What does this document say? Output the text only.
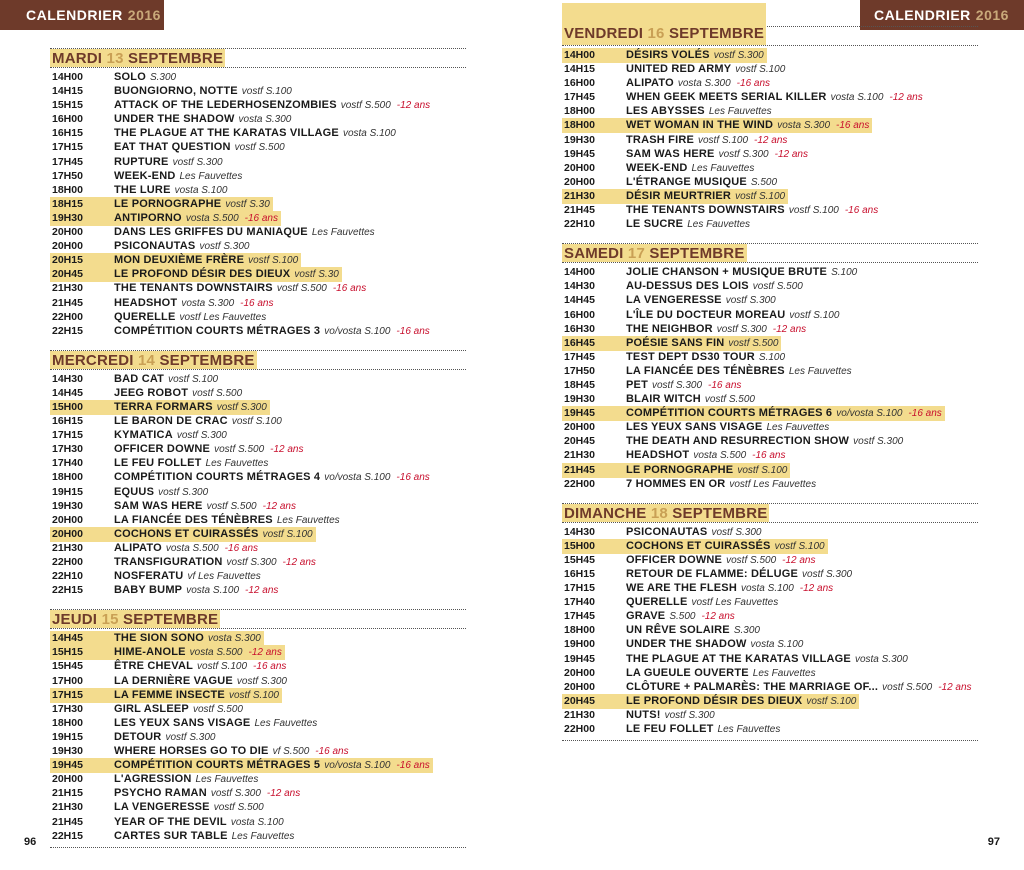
CALENDRIER 2016
MARDI 13 SEPTEMBRE
14H00	SOLO S.300
14H15	BUONGIORNO, NOTTE vostf S.100
15H15	ATTACK OF THE LEDERHOSENZOMBIES vostf S.500 -12 ans
16H00	UNDER THE SHADOW vosta S.300
16H15	THE PLAGUE AT THE KARATAS VILLAGE vosta S.100
17H15	EAT THAT QUESTION vostf S.500
17H45	RUPTURE vostf S.300
17H50	WEEK-END Les Fauvettes
18H00	THE LURE vosta S.100
18H15	LE PORNOGRAPHE vostf S.30
19H30	ANTIPORNO vosta S.500 -16 ans
20H00	DANS LES GRIFFES DU MANIAQUE Les Fauvettes
20H00	PSICONAUTAS vostf S.300
20H15	MON DEUXIÈME FRÈRE vostf S.100
20H45	LE PROFOND DÉSIR DES DIEUX vostf S.30
21H30	THE TENANTS DOWNSTAIRS vostf S.500 -16 ans
21H45	HEADSHOT vosta S.300 -16 ans
22H00	QUERELLE vostf Les Fauvettes
22H15	COMPÉTITION COURTS MÉTRAGES 3 vo/vosta S.100 -16 ans
MERCREDI 14 SEPTEMBRE
14H30	BAD CAT vostf S.100
14H45	JEEG ROBOT vostf S.500
15H00	TERRA FORMARS vostf S.300
16H15	LE BARON DE CRAC vostf S.100
17H15	KYMATICA vostf S.300
17H30	OFFICER DOWNE vostf S.500 -12 ans
17H40	LE FEU FOLLET Les Fauvettes
18H00	COMPÉTITION COURTS MÉTRAGES 4 vo/vosta S.100 -16 ans
19H15	EQUUS vostf S.300
19H30	SAM WAS HERE vostf S.500 -12 ans
20H00	LA FIANCÉE DES TÉNÈBRES Les Fauvettes
20H00	COCHONS ET CUIRASSÉS vostf S.100
21H30	ALIPATO vosta S.500 -16 ans
22H00	TRANSFIGURATION vostf S.300 -12 ans
22H10	NOSFERATU vf Les Fauvettes
22H15	BABY BUMP vosta S.100 -12 ans
JEUDI 15 SEPTEMBRE
14H45	THE SION SONO vosta S.300
15H15	HIME-ANOLE vosta S.500 -12 ans
15H45	ÊTRE CHEVAL vostf S.100 -16 ans
17H00	LA DERNIÈRE VAGUE vostf S.300
17H15	LA FEMME INSECTE vostf S.100
17H30	GIRL ASLEEP vostf S.500
18H00	LES YEUX SANS VISAGE Les Fauvettes
19H15	DETOUR vostf S.300
19H30	WHERE HORSES GO TO DIE vf S.500 -16 ans
19H45	COMPÉTITION COURTS MÉTRAGES 5 vo/vosta S.100 -16 ans
20H00	L'AGRESSION Les Fauvettes
21H15	PSYCHO RAMAN vostf S.300 -12 ans
21H30	LA VENGERESSE vostf S.500
21H45	YEAR OF THE DEVIL vosta S.100
22H15	CARTES SUR TABLE Les Fauvettes
96
CALENDRIER 2016
VENDREDI 16 SEPTEMBRE
14H00	DÉSIRS VOLÉS vostf S.300
14H15	UNITED RED ARMY vostf S.100
16H00	ALIPATO vosta S.300 -16 ans
17H45	WHEN GEEK MEETS SERIAL KILLER vosta S.100 -12 ans
18H00	LES ABYSSES Les Fauvettes
18H00	WET WOMAN IN THE WIND vosta S.300 -16 ans
19H30	TRASH FIRE vostf S.100 -12 ans
19H45	SAM WAS HERE vostf S.300 -12 ans
20H00	WEEK-END Les Fauvettes
20H00	L'ÉTRANGE MUSIQUE S.500
21H30	DÉSIR MEURTRIER vostf S.100
21H45	THE TENANTS DOWNSTAIRS vostf S.100 -16 ans
22H10	LE SUCRE Les Fauvettes
SAMEDI 17 SEPTEMBRE
14H00	JOLIE CHANSON + MUSIQUE BRUTE S.100
14H30	AU-DESSUS DES LOIS vostf S.500
14H45	LA VENGERESSE vostf S.300
16H00	L'ÎLE DU DOCTEUR MOREAU vostf S.100
16H30	THE NEIGHBOR vostf S.300 -12 ans
16H45	POÉSIE SANS FIN vostf S.500
17H45	TEST DEPT DS30 TOUR S.100
17H50	LA FIANCÉE DES TÉNÈBRES Les Fauvettes
18H45	PET vostf S.300 -16 ans
19H30	BLAIR WITCH vostf S.500
19H45	COMPÉTITION COURTS MÉTRAGES 6 vo/vosta S.100 -16 ans
20H00	LES YEUX SANS VISAGE Les Fauvettes
20H45	THE DEATH AND RESURRECTION SHOW vostf S.300
21H30	HEADSHOT vosta S.500 -16 ans
21H45	LE PORNOGRAPHE vostf S.100
22H00	7 HOMMES EN OR vostf Les Fauvettes
DIMANCHE 18 SEPTEMBRE
14H30	PSICONAUTAS vostf S.300
15H00	COCHONS ET CUIRASSÉS vostf S.100
15H45	OFFICER DOWNE vostf S.500 -12 ans
16H15	RETOUR DE FLAMME: DÉLUGE vostf S.300
17H15	WE ARE THE FLESH vosta S.100 -12 ans
17H40	QUERELLE vostf Les Fauvettes
17H45	GRAVE S.500 -12 ans
18H00	UN RÊVE SOLAIRE S.300
19H00	UNDER THE SHADOW vosta S.100
19H45	THE PLAGUE AT THE KARATAS VILLAGE vosta S.300
20H00	LA GUEULE OUVERTE Les Fauvettes
20H00	CLÔTURE + PALMARÈS: THE MARRIAGE OF... vostf S.500 -12 ans
20H45	LE PROFOND DÉSIR DES DIEUX vostf S.100
21H30	NUTS! vostf S.300
22H00	LE FEU FOLLET Les Fauvettes
97
